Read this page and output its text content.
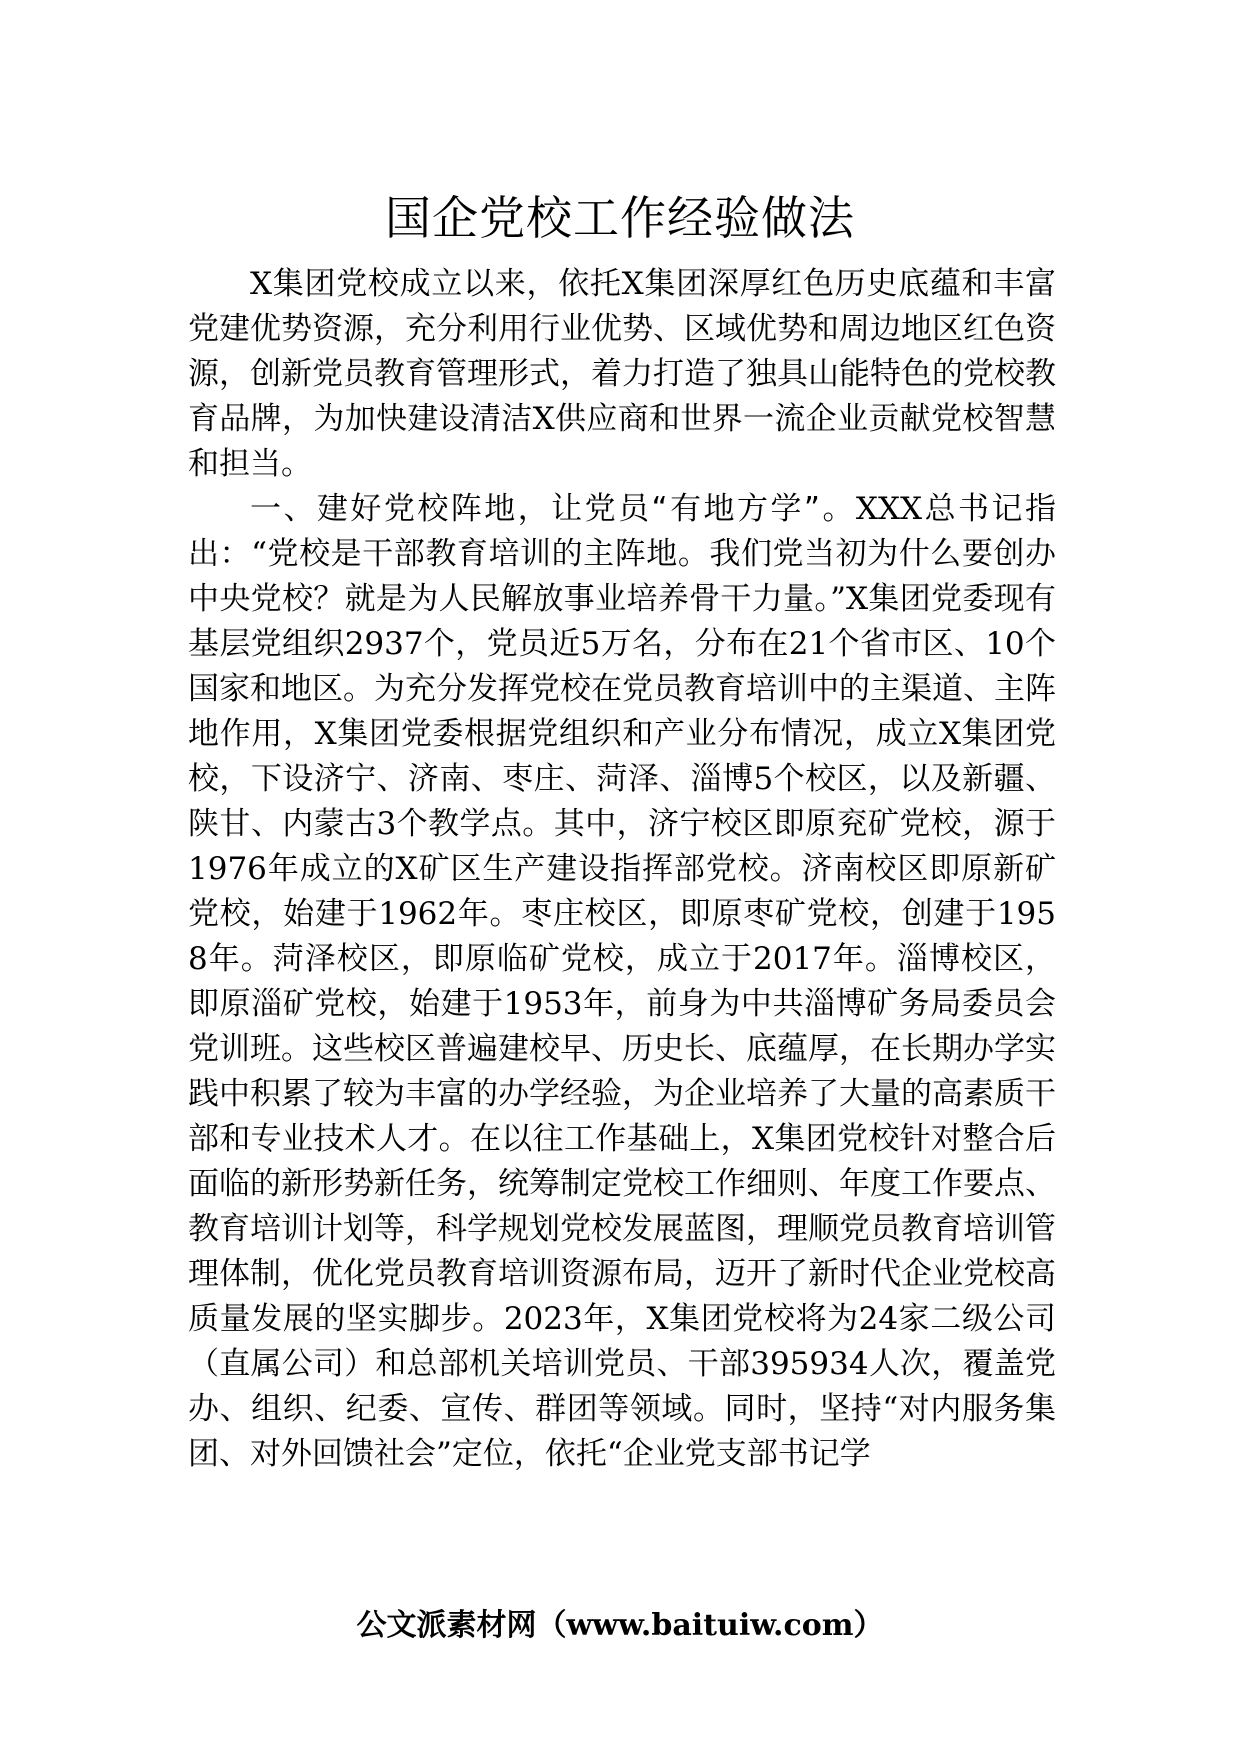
国企党校工作经验做法

X集团党校成立以来，依托X集团深厚红色历史底蕴和丰富党建优势资源，充分利用行业优势、区域优势和周边地区红色资源，创新党员教育管理形式，着力打造了独具山能特色的党校教育品牌，为加快建设清洁X供应商和世界一流企业贡献党校智慧和担当。

一、建好党校阵地，让党员“有地方学”。XXX总书记指出：“党校是干部教育培训的主阵地。我们党当初为什么要创办中央党校？就是为人民解放事业培养骨干力量。”X集团党委现有基层党组织2937个，党员近5万名，分布在21个省市区、10个国家和地区。为充分发挥党校在党员教育培训中的主渠道、主阵地作用，X集团党委根据党组织和产业分布情况，成立X集团党校，下设济宁、济南、枣庄、菏泽、淄博5个校区，以及新疆、陕甘、内蒙古3个教学点。其中，济宁校区即原兖矿党校，源于1976年成立的X矿区生产建设指挥部党校。济南校区即原新矿党校，始建于1962年。枣庄校区，即原枣矿党校，创建于1958年。菏泽校区，即原临矿党校，成立于2017年。淄博校区，即原淄矿党校，始建于1953年，前身为中共淄博矿务局委员会党训班。这些校区普遍建校早、历史长、底蕴厚，在长期办学实践中积累了较为丰富的办学经验，为企业培养了大量的高素质干部和专业技术人才。在以往工作基础上，X集团党校针对整合后面临的新形势新任务，统筹制定党校工作细则、年度工作要点、教育培训计划等，科学规划党校发展蓝图，理顺党员教育培训管理体制，优化党员教育培训资源布局，迈开了新时代企业党校高质量发展的坚实脚步。2023年，X集团党校将为24家二级公司（直属公司）和总部机关培训党员、干部395934人次，覆盖党办、组织、纪委、宣传、群团等领域。同时，坚持“对内服务集团、对外回馈社会”定位，依托“企业党支部书记学

公文派素材网（www.baituiw.com）
